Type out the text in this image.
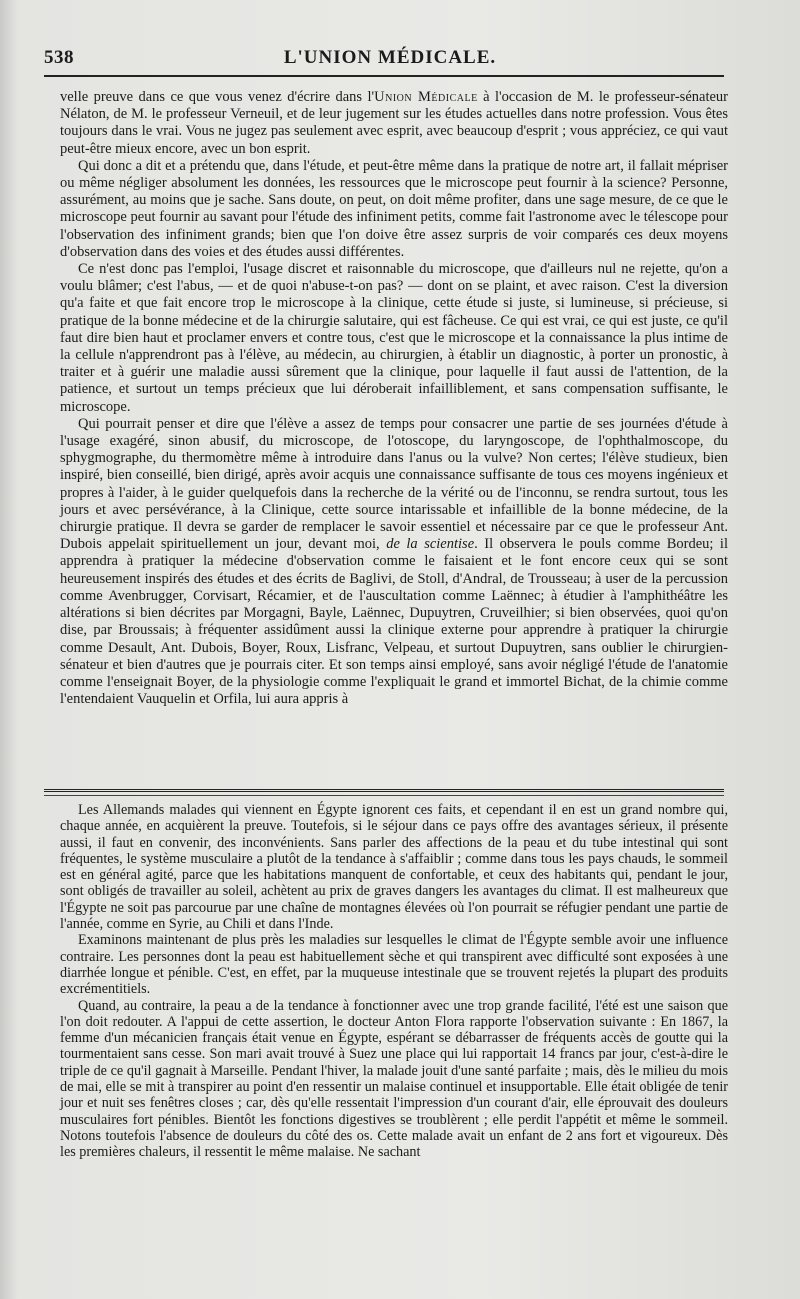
538	L'UNION MÉDICALE.

velle preuve dans ce que vous venez d'écrire dans l'Union Médicale à l'occasion de M. le professeur-sénateur Nélaton, de M. le professeur Verneuil, et de leur jugement sur les études actuelles dans notre profession. Vous êtes toujours dans le vrai. Vous ne jugez pas seulement avec esprit, avec beaucoup d'esprit ; vous appréciez, ce qui vaut peut-être mieux encore, avec un bon esprit.

Qui donc a dit et a prétendu que, dans l'étude, et peut-être même dans la pratique de notre art, il fallait mépriser ou même négliger absolument les données, les ressources que le microscope peut fournir à la science? Personne, assurément, au moins que je sache. Sans doute, on peut, on doit même profiter, dans une sage mesure, de ce que le microscope peut fournir au savant pour l'étude des infiniment petits, comme fait l'astronome avec le télescope pour l'observation des infiniment grands; bien que l'on doive être assez surpris de voir comparés ces deux moyens d'observation dans des voies et des études aussi différentes.

Ce n'est donc pas l'emploi, l'usage discret et raisonnable du microscope, que d'ailleurs nul ne rejette, qu'on a voulu blâmer; c'est l'abus, — et de quoi n'abuse-t-on pas? — dont on se plaint, et avec raison. C'est la diversion qu'a faite et que fait encore trop le microscope à la clinique, cette étude si juste, si lumineuse, si précieuse, si pratique de la bonne médecine et de la chirurgie salutaire, qui est fâcheuse. Ce qui est vrai, ce qui est juste, ce qu'il faut dire bien haut et proclamer envers et contre tous, c'est que le microscope et la connaissance la plus intime de la cellule n'apprendront pas à l'élève, au médecin, au chirurgien, à établir un diagnostic, à porter un pronostic, à traiter et à guérir une maladie aussi sûrement que la clinique, pour laquelle il faut aussi de l'attention, de la patience, et surtout un temps précieux que lui déroberait infailliblement, et sans compensation suffisante, le microscope.

Qui pourrait penser et dire que l'élève a assez de temps pour consacrer une partie de ses journées d'étude à l'usage exagéré, sinon abusif, du microscope, de l'otoscope, du laryngoscope, de l'ophthalmoscope, du sphygmographe, du thermomètre même à introduire dans l'anus ou la vulve? Non certes; l'élève studieux, bien inspiré, bien conseillé, bien dirigé, après avoir acquis une connaissance suffisante de tous ces moyens ingénieux et propres à l'aider, à le guider quelquefois dans la recherche de la vérité ou de l'inconnu, se rendra surtout, tous les jours et avec persévérance, à la Clinique, cette source intarissable et infaillible de la bonne médecine, de la chirurgie pratique. Il devra se garder de remplacer le savoir essentiel et nécessaire par ce que le professeur Ant. Dubois appelait spirituellement un jour, devant moi, de la scientise. Il observera le pouls comme Bordeu; il apprendra à pratiquer la médecine d'observation comme le faisaient et le font encore ceux qui se sont heureusement inspirés des études et des écrits de Baglivi, de Stoll, d'Andral, de Trousseau; à user de la percussion comme Avenbrugger, Corvisart, Récamier, et de l'auscultation comme Laënnec; à étudier à l'amphithéâtre les altérations si bien décrites par Morgagni, Bayle, Laënnec, Dupuytren, Cruveilhier; si bien observées, quoi qu'on dise, par Broussais; à fréquenter assidûment aussi la clinique externe pour apprendre à pratiquer la chirurgie comme Desault, Ant. Dubois, Boyer, Roux, Lisfranc, Velpeau, et surtout Dupuytren, sans oublier le chirurgien-sénateur et bien d'autres que je pourrais citer. Et son temps ainsi employé, sans avoir négligé l'étude de l'anatomie comme l'enseignait Boyer, de la physiologie comme l'expliquait le grand et immortel Bichat, de la chimie comme l'entendaient Vauquelin et Orfila, lui aura appris à

Les Allemands malades qui viennent en Égypte ignorent ces faits, et cependant il en est un grand nombre qui, chaque année, en acquièrent la preuve. Toutefois, si le séjour dans ce pays offre des avantages sérieux, il présente aussi, il faut en convenir, des inconvénients. Sans parler des affections de la peau et du tube intestinal qui sont fréquentes, le système musculaire a plutôt de la tendance à s'affaiblir ; comme dans tous les pays chauds, le sommeil est en général agité, parce que les habitations manquent de confortable, et ceux des habitants qui, pendant le jour, sont obligés de travailler au soleil, achètent au prix de graves dangers les avantages du climat. Il est malheureux que l'Égypte ne soit pas parcourue par une chaîne de montagnes élevées où l'on pourrait se réfugier pendant une partie de l'année, comme en Syrie, au Chili et dans l'Inde.

Examinons maintenant de plus près les maladies sur lesquelles le climat de l'Égypte semble avoir une influence contraire. Les personnes dont la peau est habituellement sèche et qui transpirent avec difficulté sont exposées à une diarrhée longue et pénible. C'est, en effet, par la muqueuse intestinale que se trouvent rejetés la plupart des produits excrémentitiels.

Quand, au contraire, la peau a de la tendance à fonctionner avec une trop grande facilité, l'été est une saison que l'on doit redouter. A l'appui de cette assertion, le docteur Anton Flora rapporte l'observation suivante : En 1867, la femme d'un mécanicien français était venue en Égypte, espérant se débarrasser de fréquents accès de goutte qui la tourmentaient sans cesse. Son mari avait trouvé à Suez une place qui lui rapportait 14 francs par jour, c'est-à-dire le triple de ce qu'il gagnait à Marseille. Pendant l'hiver, la malade jouit d'une santé parfaite ; mais, dès le milieu du mois de mai, elle se mit à transpirer au point d'en ressentir un malaise continuel et insupportable. Elle était obligée de tenir jour et nuit ses fenêtres closes ; car, dès qu'elle ressentait l'impression d'un courant d'air, elle éprouvait des douleurs musculaires fort pénibles. Bientôt les fonctions digestives se troublèrent ; elle perdit l'appétit et même le sommeil. Notons toutefois l'absence de douleurs du côté des os. Cette malade avait un enfant de 2 ans fort et vigoureux. Dès les premières chaleurs, il ressentit le même malaise. Ne sachant
